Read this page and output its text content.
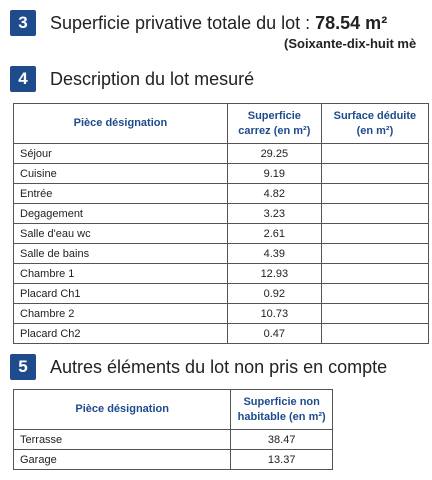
3	Superficie privative totale du lot : 78.54 m²
(Soixante-dix-huit mè
4	Description du lot mesuré
Pièce désignation	Superficie carrez (en m²)	Surface déduite (en m²)
Séjour	29.25	
Cuisine	9.19	
Entrée	4.82	
Degagement	3.23	
Salle d'eau wc	2.61	
Salle de bains	4.39	
Chambre 1	12.93	
Placard Ch1	0.92	
Chambre 2	10.73	
Placard Ch2	0.47	
5	Autres éléments du lot non pris en compte
Pièce désignation	Superficie non habitable (en m²)
Terrasse	38.47
Garage	13.37
